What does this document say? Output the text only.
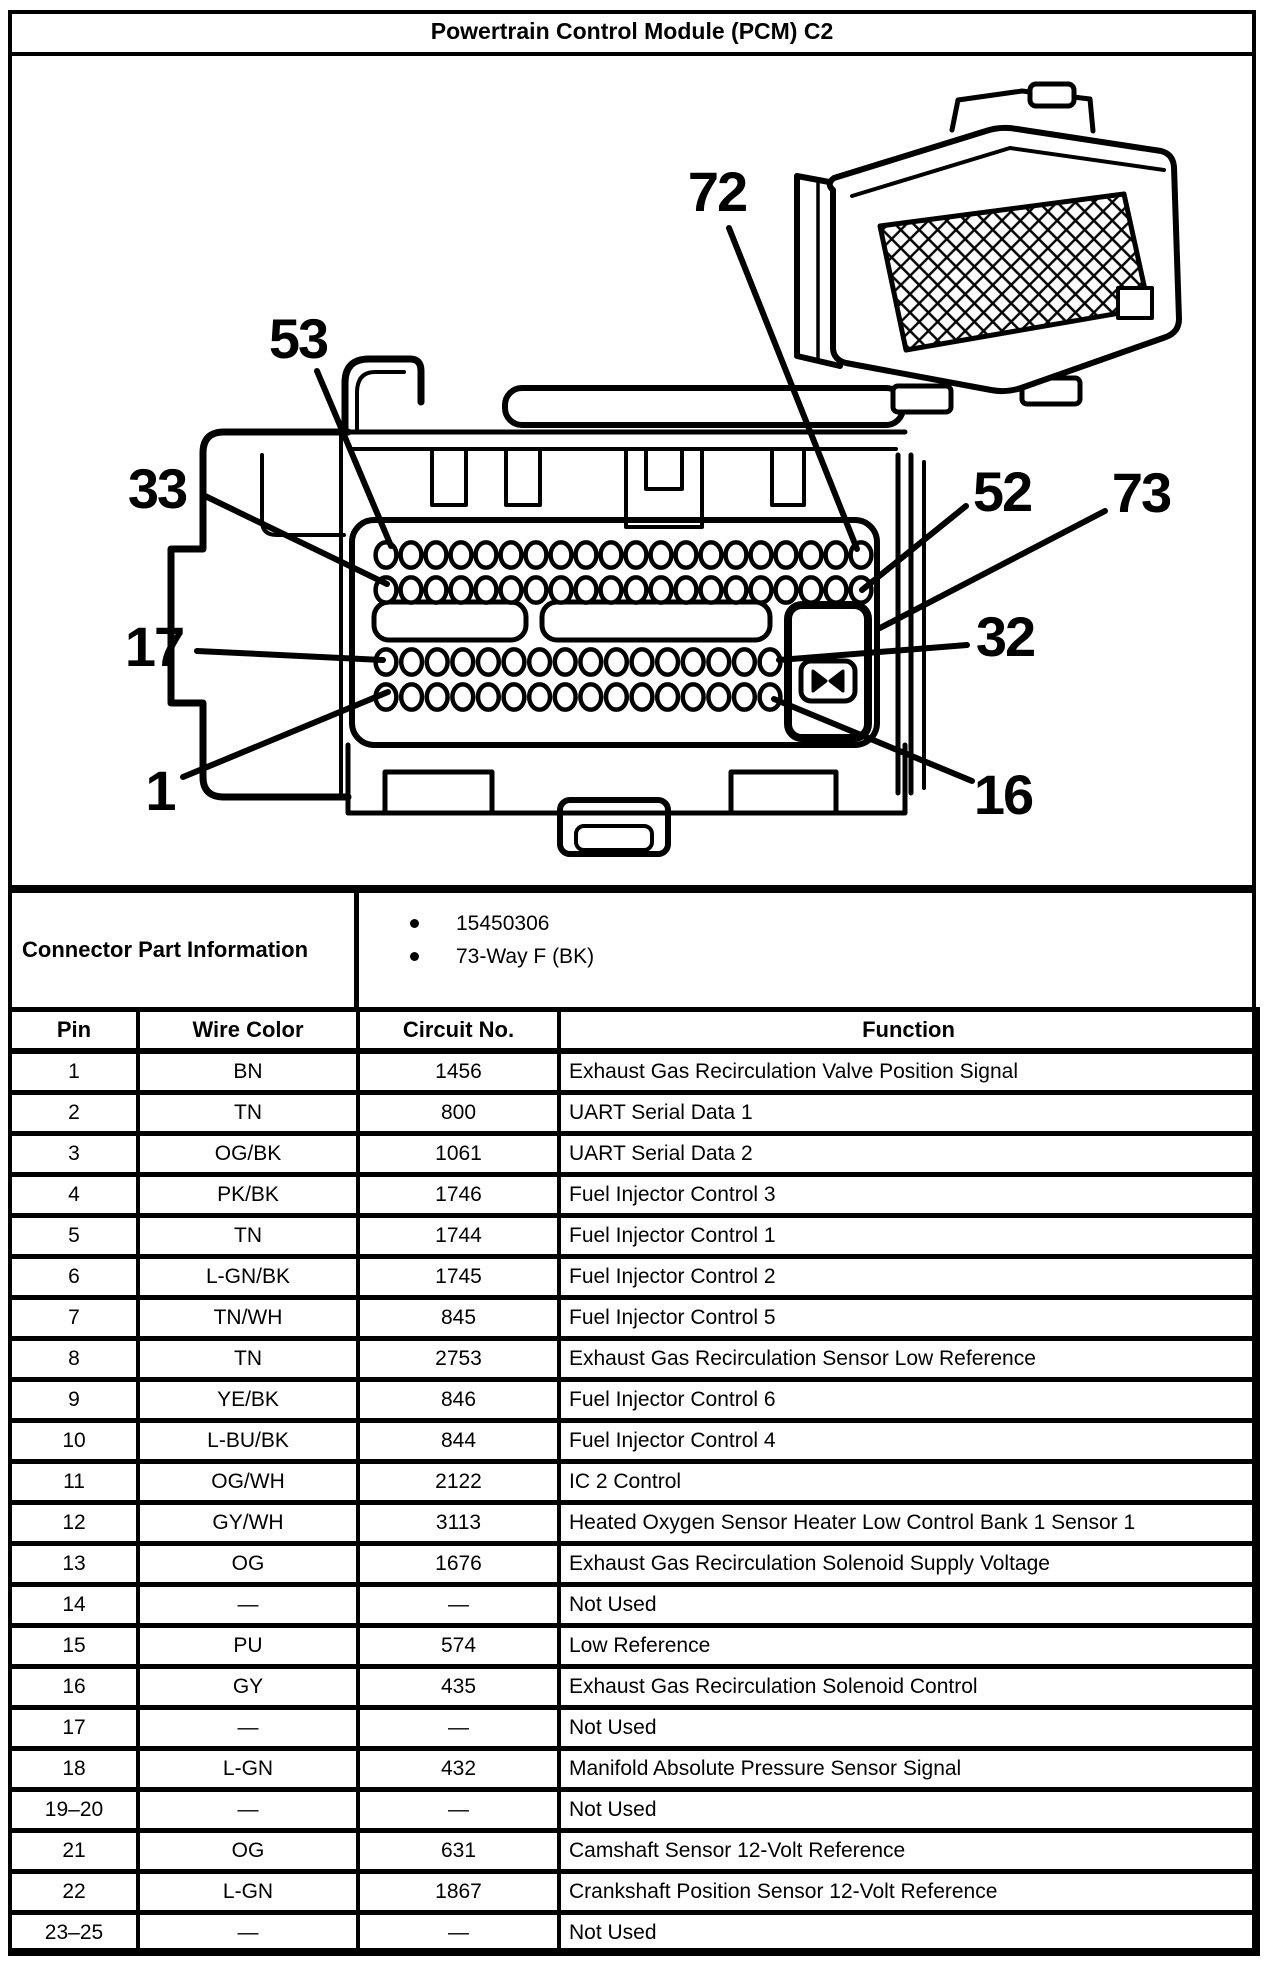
Powertrain Control Module (PCM) C2
72
53
33
17
1
52 73
32
16
Connector Part Information
15450306
73-Way F (BK)
Pin	Wire Color	Circuit No.	Function
1	BN	1456	Exhaust Gas Recirculation Valve Position Signal
2	TN	800	UART Serial Data 1
3	OG/BK	1061	UART Serial Data 2
4	PK/BK	1746	Fuel Injector Control 3
5	TN	1744	Fuel Injector Control 1
6	L-GN/BK	1745	Fuel Injector Control 2
7	TN/WH	845	Fuel Injector Control 5
8	TN	2753	Exhaust Gas Recirculation Sensor Low Reference
9	YE/BK	846	Fuel Injector Control 6
10	L-BU/BK	844	Fuel Injector Control 4
11	OG/WH	2122	IC 2 Control
12	GY/WH	3113	Heated Oxygen Sensor Heater Low Control Bank 1 Sensor 1
13	OG	1676	Exhaust Gas Recirculation Solenoid Supply Voltage
14	—	—	Not Used
15	PU	574	Low Reference
16	GY	435	Exhaust Gas Recirculation Solenoid Control
17	—	—	Not Used
18	L-GN	432	Manifold Absolute Pressure Sensor Signal
19–20	—	—	Not Used
21	OG	631	Camshaft Sensor 12-Volt Reference
22	L-GN	1867	Crankshaft Position Sensor 12-Volt Reference
23–25	—	—	Not Used
